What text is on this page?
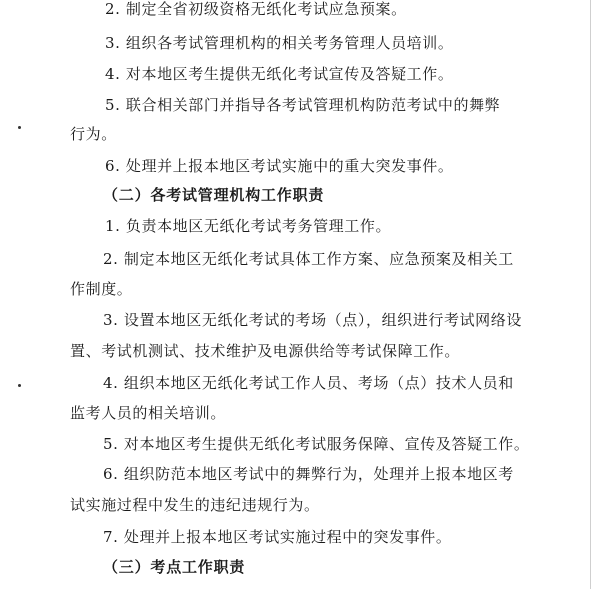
2. 制定全省初级资格无纸化考试应急预案。
3. 组织各考试管理机构的相关考务管理人员培训。
4. 对本地区考生提供无纸化考试宣传及答疑工作。
5. 联合相关部门并指导各考试管理机构防范考试中的舞弊
行为。
6. 处理并上报本地区考试实施中的重大突发事件。
（二）各考试管理机构工作职责
1. 负责本地区无纸化考试考务管理工作。
2. 制定本地区无纸化考试具体工作方案、应急预案及相关工
作制度。
3. 设置本地区无纸化考试的考场（点），组织进行考试网络设
置、考试机测试、技术维护及电源供给等考试保障工作。
4. 组织本地区无纸化考试工作人员、考场（点）技术人员和
监考人员的相关培训。
5. 对本地区考生提供无纸化考试服务保障、宣传及答疑工作。
6. 组织防范本地区考试中的舞弊行为，处理并上报本地区考
试实施过程中发生的违纪违规行为。
7. 处理并上报本地区考试实施过程中的突发事件。
（三）考点工作职责
